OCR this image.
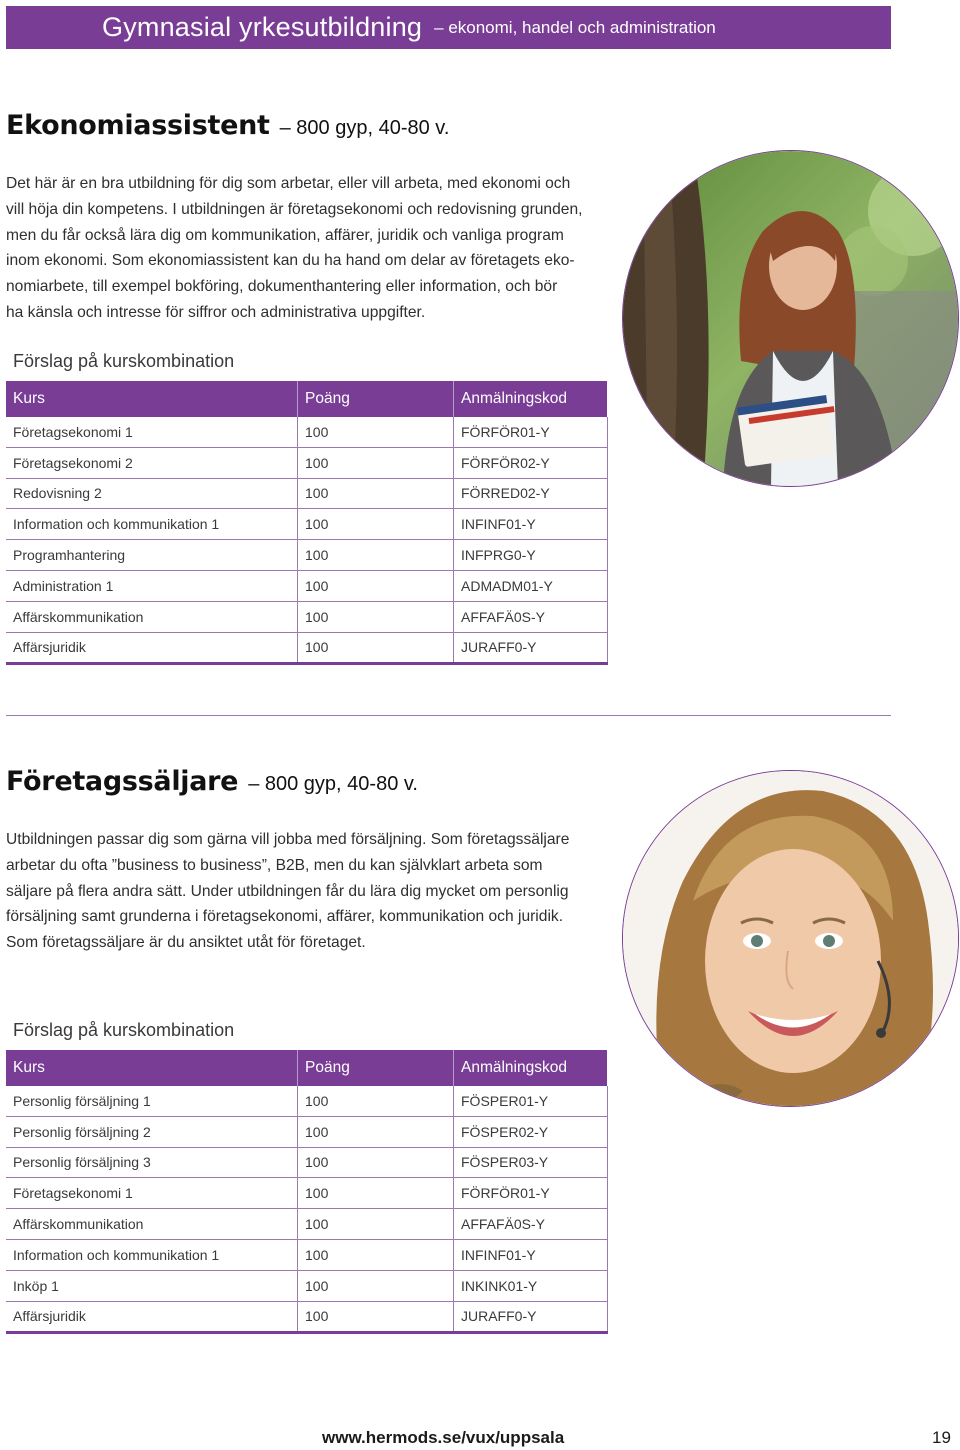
Gymnasial yrkesutbildning – ekonomi, handel och administration
Ekonomiassistent – 800 gyp, 40-80 v.
Det här är en bra utbildning för dig som arbetar, eller vill arbeta, med ekonomi och
vill höja din kompetens. I utbildningen är företagsekonomi och redovisning grunden,
men du får också lära dig om kommunikation, affärer, juridik och vanliga program
inom ekonomi. Som ekonomiassistent kan du ha hand om delar av företagets eko-
nomiarbete, till exempel bokföring, dokumenthantering eller information, och bör
ha känsla och intresse för siffror och administrativa uppgifter.
Förslag på kurskombination
Kurs	Poäng	Anmälningskod
Företagsekonomi 1	100	FÖRFÖR01-Y
Företagsekonomi 2	100	FÖRFÖR02-Y
Redovisning 2	100	FÖRRED02-Y
Information och kommunikation 1	100	INFINF01-Y
Programhantering	100	INFPRG0-Y
Administration 1	100	ADMADM01-Y
Affärskommunikation	100	AFFAFÄ0S-Y
Affärsjuridik	100	JURAFF0-Y
Företagssäljare – 800 gyp, 40-80 v.
Utbildningen passar dig som gärna vill jobba med försäljning. Som företagssäljare
arbetar du ofta ”business to business”, B2B, men du kan självklart arbeta som
säljare på flera andra sätt. Under utbildningen får du lära dig mycket om personlig
försäljning samt grunderna i företagsekonomi, affärer, kommunikation och juridik.
Som företagssäljare är du ansiktet utåt för företaget.
Förslag på kurskombination
Kurs	Poäng	Anmälningskod
Personlig försäljning 1	100	FÖSPER01-Y
Personlig försäljning 2	100	FÖSPER02-Y
Personlig försäljning 3	100	FÖSPER03-Y
Företagsekonomi 1	100	FÖRFÖR01-Y
Affärskommunikation	100	AFFAFÄ0S-Y
Information och kommunikation 1	100	INFINF01-Y
Inköp 1	100	INKINK01-Y
Affärsjuridik	100	JURAFF0-Y
www.hermods.se/vux/uppsala	19
